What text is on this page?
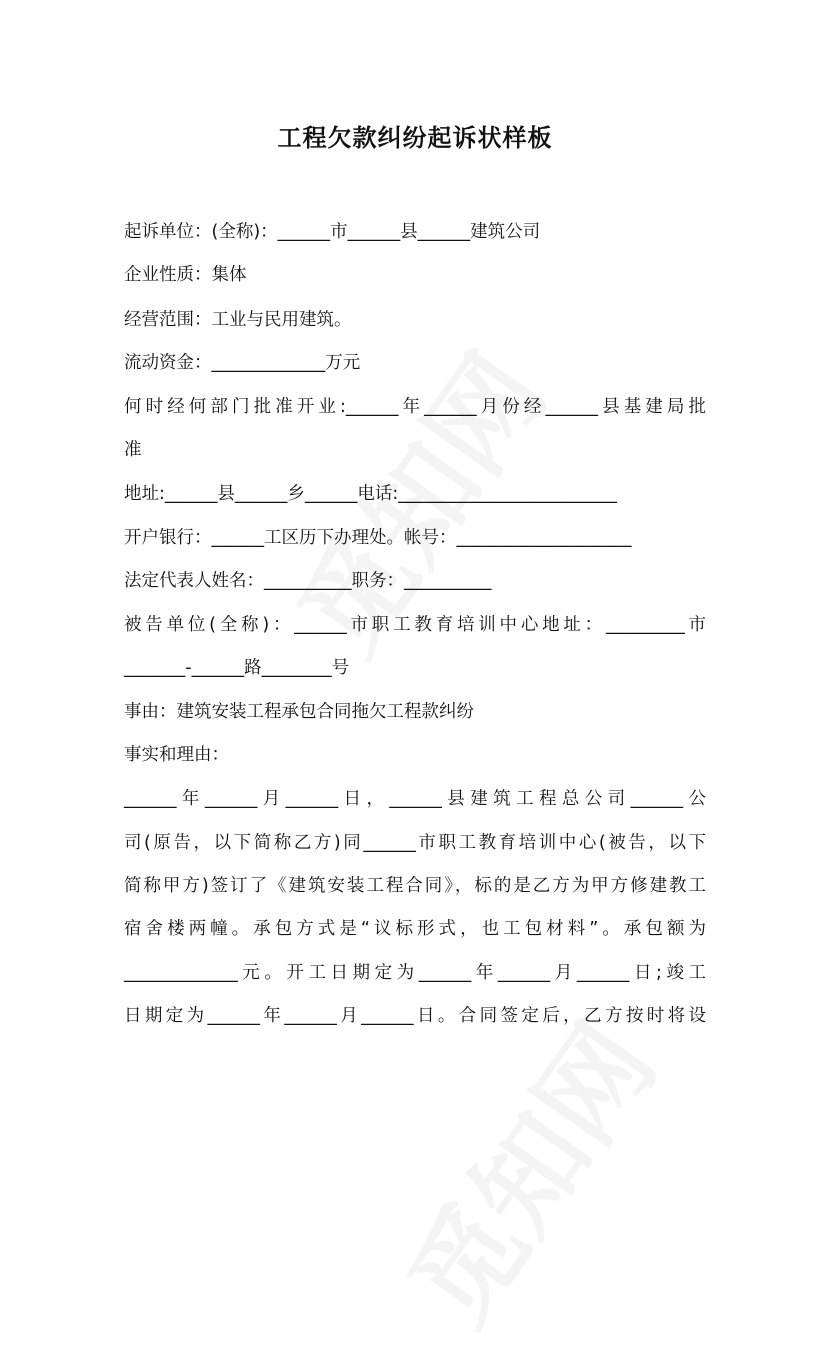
工程欠款纠纷起诉状样板
起诉单位：(全称)：______市______县______建筑公司
企业性质：集体
经营范围：工业与民用建筑。
流动资金：_____________万元
何时经何部门批准开业:______年______月份经______县基建局批
准
地址:______县______乡______电话:_________________________
开户银行：______工区历下办理处。帐号：____________________
法定代表人姓名：__________职务：__________
被告单位(全称)：______市职工教育培训中心地址：_________市
_______-______路________号
事由：建筑安装工程承包合同拖欠工程款纠纷
事实和理由：
______年______月______日，______县建筑工程总公司______公
司(原告，以下简称乙方)同______市职工教育培训中心(被告，以下
简称甲方)签订了《建筑安装工程合同》，标的是乙方为甲方修建教工
宿舍楼两幢。承包方式是“议标形式，也工包材料”。承包额为
_____________元。开工日期定为______年______月______日;竣工
日期定为______年______月______日。合同签定后，乙方按时将设
